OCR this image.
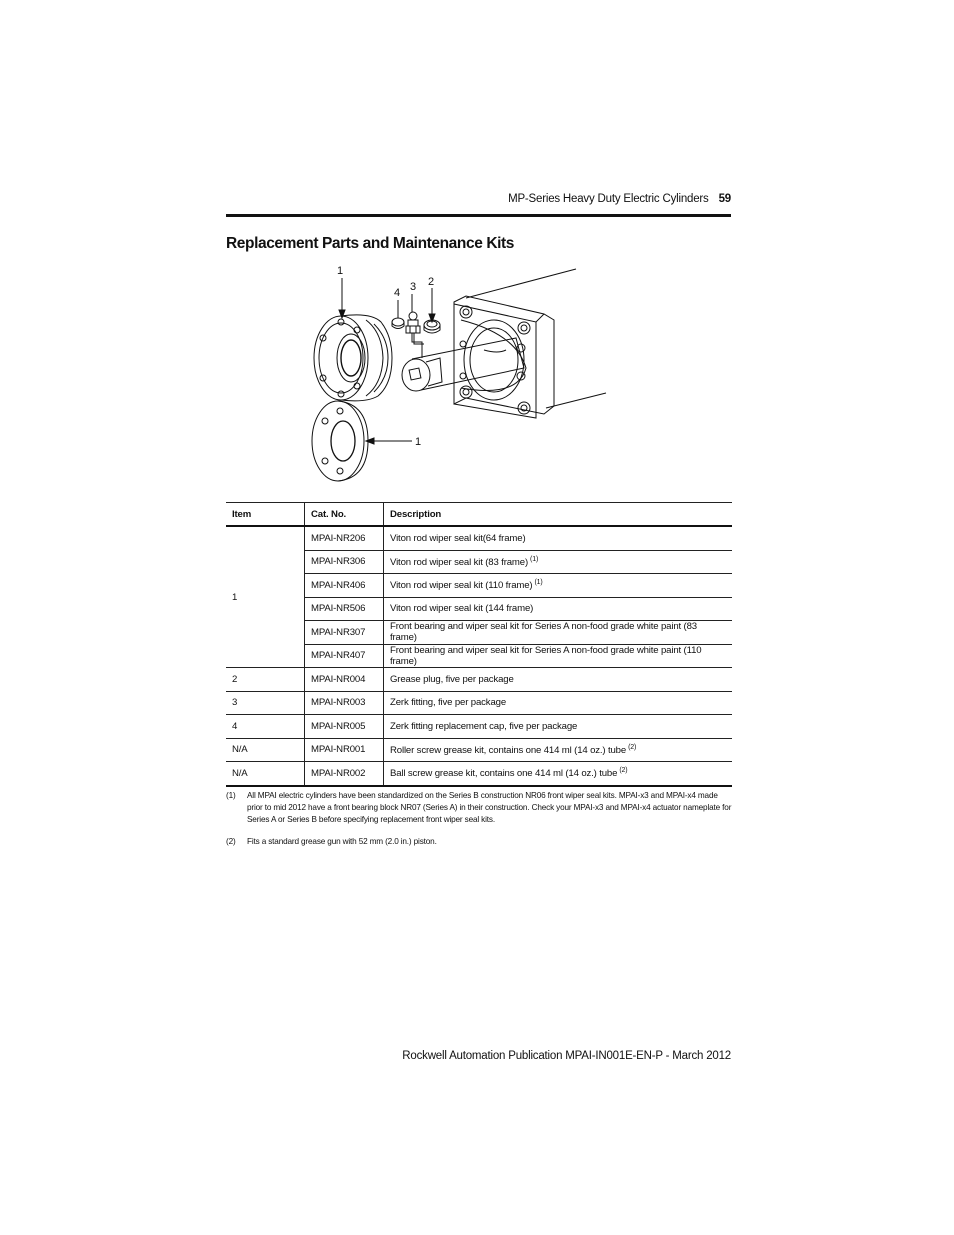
MP-Series Heavy Duty Electric Cylinders 59
Replacement Parts and Maintenance Kits
1
4 3 2
1
Item	Cat. No.	Description
1	MPAI-NR206	Viton rod wiper seal kit(64 frame)
	MPAI-NR306	Viton rod wiper seal kit (83 frame) $^{(1)}$
	MPAI-NR406	Viton rod wiper seal kit (110 frame) $^{(1)}$
	MPAI-NR506	Viton rod wiper seal kit (144 frame)
	MPAI-NR307	Front bearing and wiper seal kit for Series A non-food grade white paint (83 frame)
	MPAI-NR407	Front bearing and wiper seal kit for Series A non-food grade white paint (110 frame)
2	MPAI-NR004	Grease plug, five per package
3	MPAI-NR003	Zerk fitting, five per package
4	MPAI-NR005	Zerk fitting replacement cap, five per package
N/A	MPAI-NR001	Roller screw grease kit, contains one 414 ml (14 oz.) tube $^{(2)}$
N/A	MPAI-NR002	Ball screw grease kit, contains one 414 ml (14 oz.) tube $^{(2)}$
(1)	All MPAI electric cylinders have been standardized on the Series B construction NR06 front wiper seal kits. MPAI-x3 and MPAI-x4 made prior to mid 2012 have a front bearing block NR07 (Series A) in their construction. Check your MPAI-x3 and MPAI-x4 actuator nameplate for Series A or Series B before specifying replacement front wiper seal kits.
(2)	Fits a standard grease gun with 52 mm (2.0 in.) piston.
Rockwell Automation Publication MPAI-IN001E-EN-P - March 2012
